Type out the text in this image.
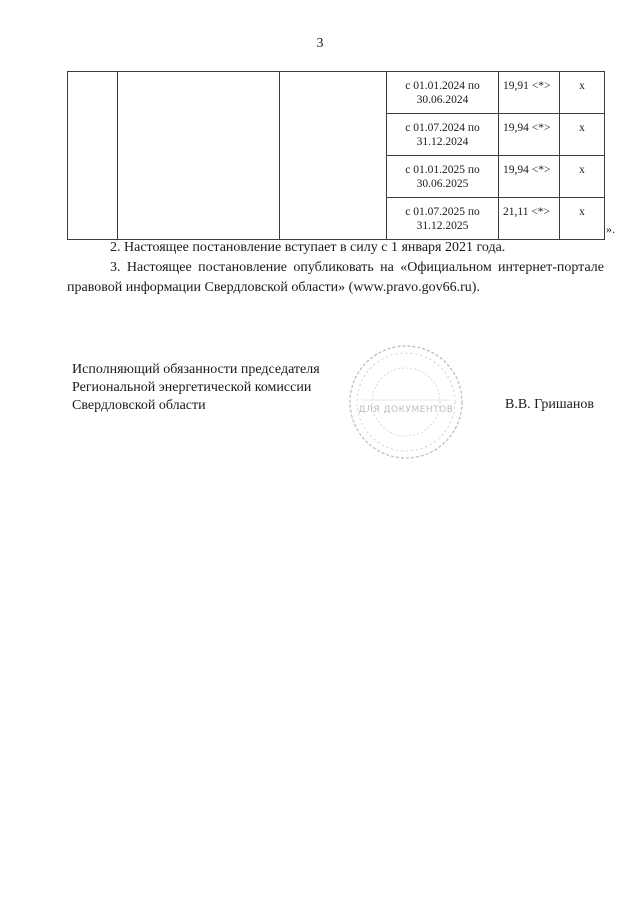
3

			с 01.01.2024 по
30.06.2024	19,91 <*>	х

			с 01.07.2024 по
31.12.2024	19,94 <*>	х

			с 01.01.2025 по
30.06.2025	19,94 <*>	х

			с 01.07.2025 по
31.12.2025	21,11 <*>	х
».
2. Настоящее постановление вступает в силу с 1 января 2021 года.
3. Настоящее постановление опубликовать на «Официальном интернет-портале правовой информации Свердловской области» (www.pravo.gov66.ru).
Исполняющий обязанности председателя
Региональной энергетической комиссии
Свердловской области	ДЛЯ ДОКУМЕНТОВ	В.В. Гришанов
